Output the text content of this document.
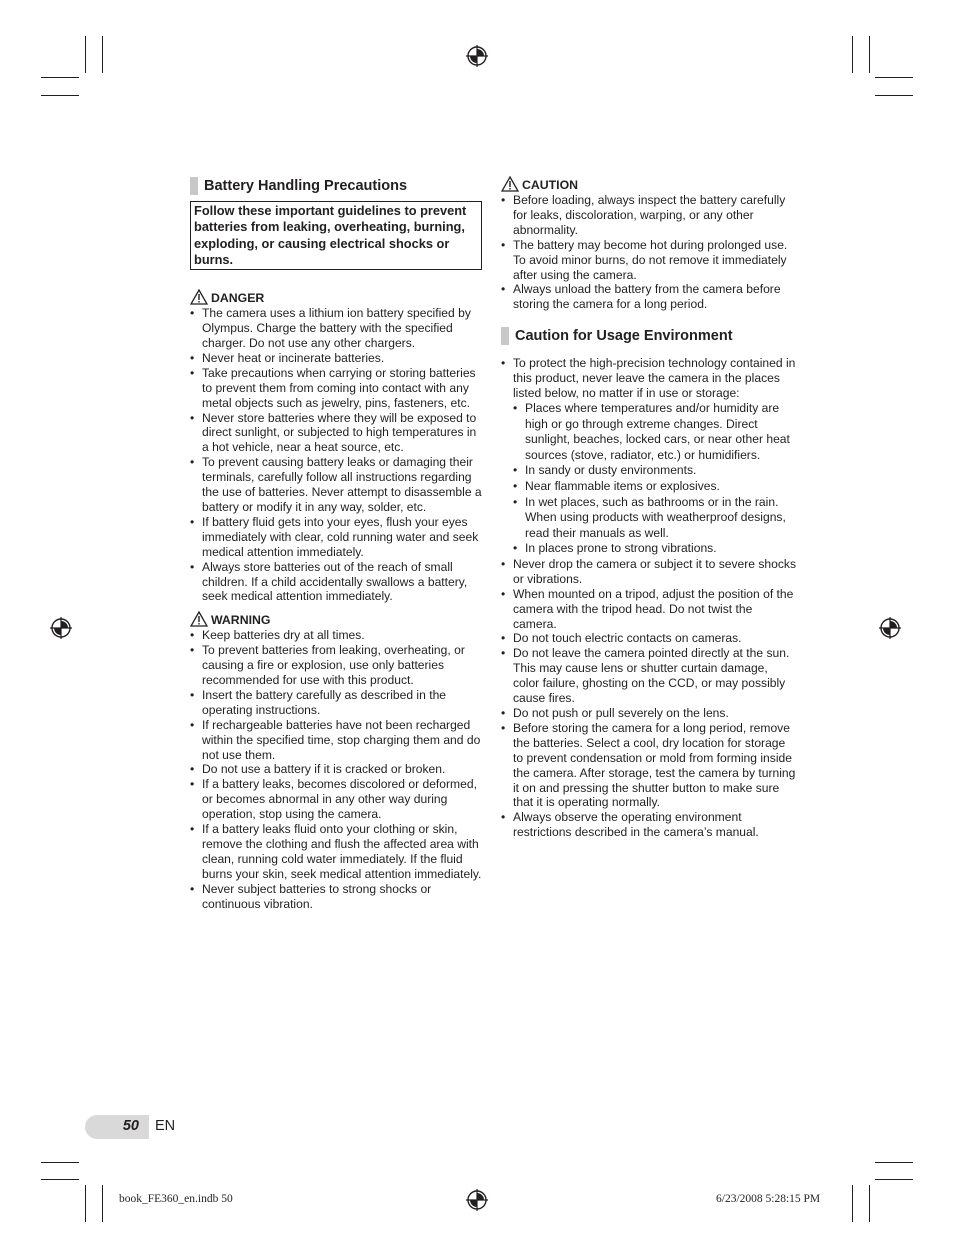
Battery Handling Precautions
Follow these important guidelines to prevent batteries from leaking, overheating, burning, exploding, or causing electrical shocks or burns.
DANGER
• The camera uses a lithium ion battery specified by Olympus. Charge the battery with the specified charger. Do not use any other chargers.
• Never heat or incinerate batteries.
• Take precautions when carrying or storing batteries to prevent them from coming into contact with any metal objects such as jewelry, pins, fasteners, etc.
• Never store batteries where they will be exposed to direct sunlight, or subjected to high temperatures in a hot vehicle, near a heat source, etc.
• To prevent causing battery leaks or damaging their terminals, carefully follow all instructions regarding the use of batteries. Never attempt to disassemble a battery or modify it in any way, solder, etc.
• If battery fluid gets into your eyes, flush your eyes immediately with clear, cold running water and seek medical attention immediately.
• Always store batteries out of the reach of small children. If a child accidentally swallows a battery, seek medical attention immediately.
WARNING
• Keep batteries dry at all times.
• To prevent batteries from leaking, overheating, or causing a fire or explosion, use only batteries recommended for use with this product.
• Insert the battery carefully as described in the operating instructions.
• If rechargeable batteries have not been recharged within the specified time, stop charging them and do not use them.
• Do not use a battery if it is cracked or broken.
• If a battery leaks, becomes discolored or deformed, or becomes abnormal in any other way during operation, stop using the camera.
• If a battery leaks fluid onto your clothing or skin, remove the clothing and flush the affected area with clean, running cold water immediately. If the fluid burns your skin, seek medical attention immediately.
• Never subject batteries to strong shocks or continuous vibration.
CAUTION
• Before loading, always inspect the battery carefully for leaks, discoloration, warping, or any other abnormality.
• The battery may become hot during prolonged use. To avoid minor burns, do not remove it immediately after using the camera.
• Always unload the battery from the camera before storing the camera for a long period.
Caution for Usage Environment
• To protect the high-precision technology contained in this product, never leave the camera in the places listed below, no matter if in use or storage:
• Places where temperatures and/or humidity are high or go through extreme changes. Direct sunlight, beaches, locked cars, or near other heat sources (stove, radiator, etc.) or humidifiers.
• In sandy or dusty environments.
• Near flammable items or explosives.
• In wet places, such as bathrooms or in the rain. When using products with weatherproof designs, read their manuals as well.
• In places prone to strong vibrations.
• Never drop the camera or subject it to severe shocks or vibrations.
• When mounted on a tripod, adjust the position of the camera with the tripod head. Do not twist the camera.
• Do not touch electric contacts on cameras.
• Do not leave the camera pointed directly at the sun. This may cause lens or shutter curtain damage, color failure, ghosting on the CCD, or may possibly cause fires.
• Do not push or pull severely on the lens.
• Before storing the camera for a long period, remove the batteries. Select a cool, dry location for storage to prevent condensation or mold from forming inside the camera. After storage, test the camera by turning it on and pressing the shutter button to make sure that it is operating normally.
• Always observe the operating environment restrictions described in the camera’s manual.
50 EN
book_FE360_en.indb 50	6/23/2008 5:28:15 PM
